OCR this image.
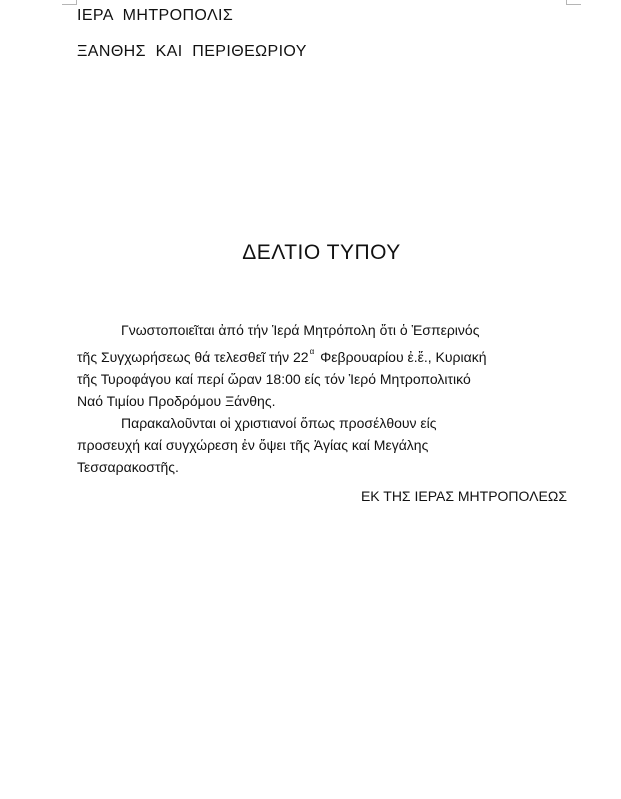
ΙΕΡΑ  ΜΗΤΡΟΠΟΛΙΣ
ΞΑΝΘΗΣ  ΚΑΙ  ΠΕΡΙΘΕΩΡΙΟΥ
ΔΕΛΤΙΟ ΤΥΠΟΥ
Γνωστοποιεῖται ἀπό τήν Ἱερά Μητρόπολη ὅτι ὁ Ἑσπερινός
τῆς Συγχωρήσεως θά τελεσθεῖ τήν $22^\alpha$ Φεβρουαρίου ἐ.ἔ., Κυριακή
τῆς Τυροφάγου καί περί ὥραν 18:00 είς τόν Ἱερό Μητροπολιτικό
Ναό Τιμίου Προδρόμου Ξάνθης.
Παρακαλοῦνται οἱ χριστιανοί ὅπως προσέλθουν είς
προσευχή καί συγχώρεση ἐν ὄψει τῆς Ἁγίας καί Μεγάλης
Τεσσαρακοστῆς.
ΕΚ ΤΗΣ ΙΕΡΑΣ ΜΗΤΡΟΠΟΛΕΩΣ
